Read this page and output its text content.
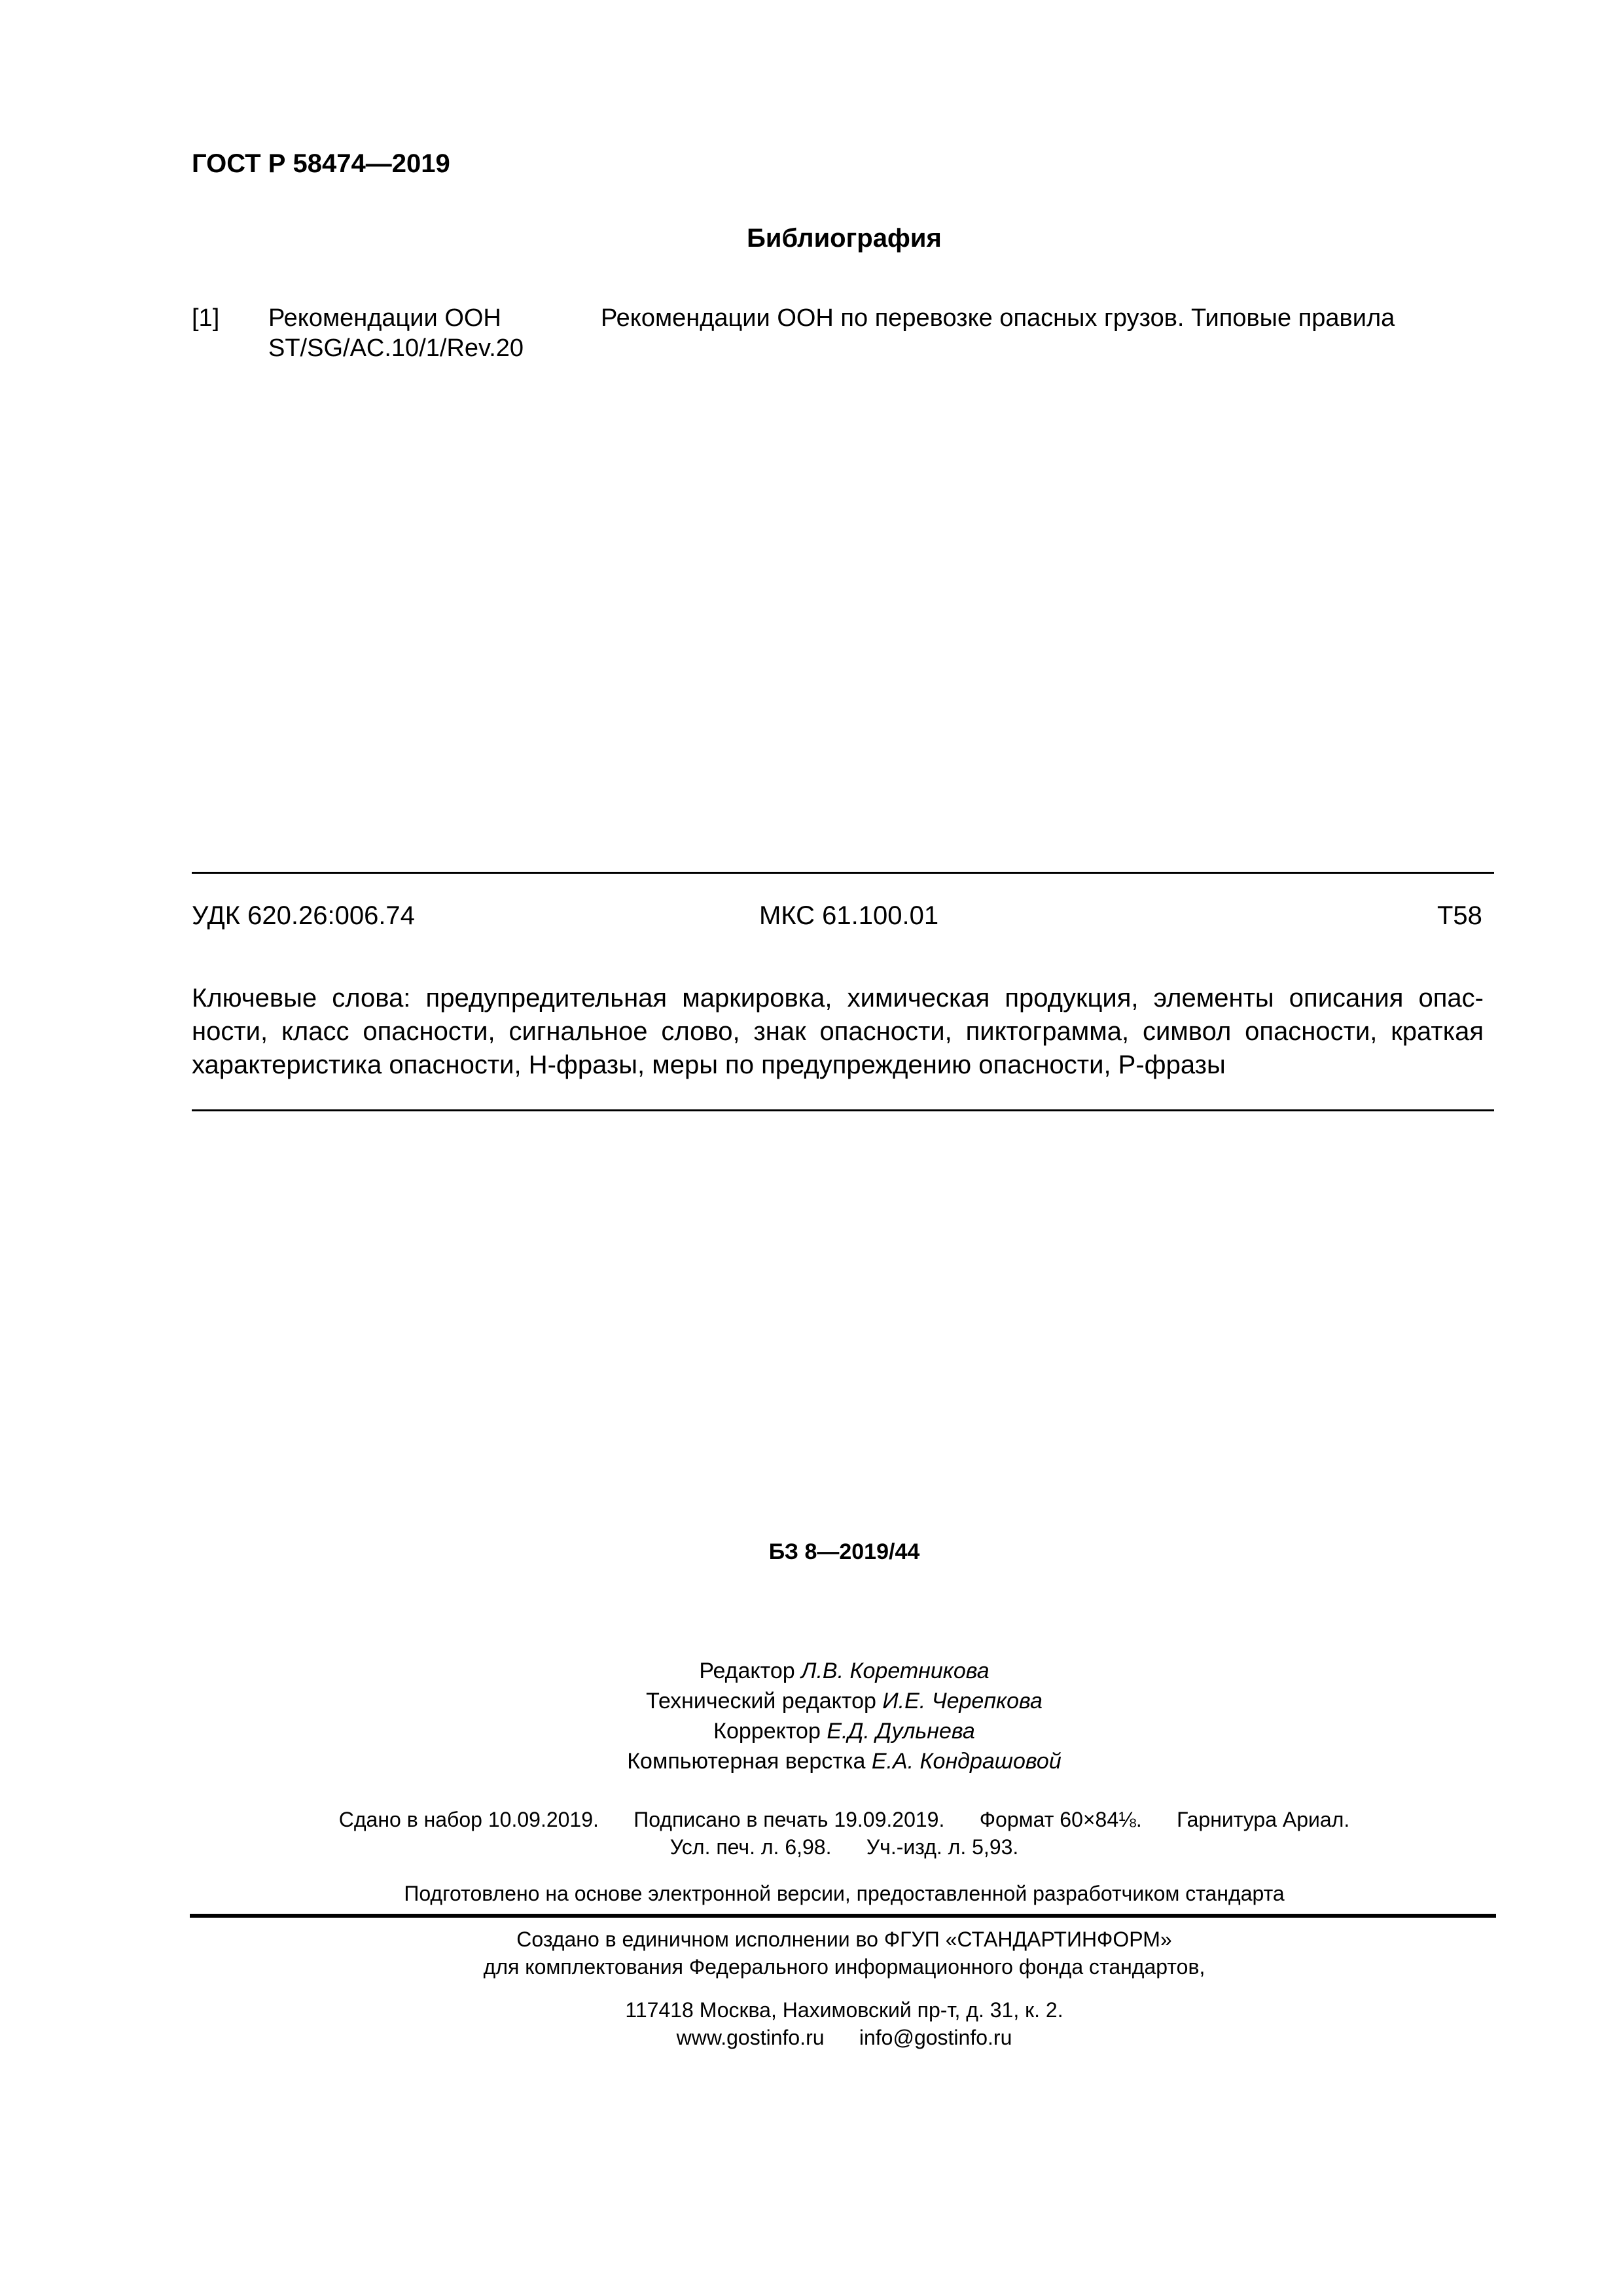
ГОСТ Р 58474—2019
Библиография
[1] Рекомендации ООН
ST/SG/AC.10/1/Rev.20
Рекомендации ООН по перевозке опасных грузов. Типовые правила
УДК 620.26:006.74	МКС 61.100.01	Т58
Ключевые слова: предупредительная маркировка, химическая продукция, элементы описания опас-
ности, класс опасности, сигнальное слово, знак опасности, пиктограмма, символ опасности, краткая
характеристика опасности, Н-фразы, меры по предупреждению опасности, Р-фразы
БЗ 8—2019/44
Редактор Л.В. Коретникова
Технический редактор И.Е. Черепкова
Корректор Е.Д. Дульнева
Компьютерная верстка Е.А. Кондрашовой
Сдано в набор 10.09.2019.      Подписано в печать 19.09.2019.      Формат 60×84⅛.      Гарнитура Ариал.
Усл. печ. л. 6,98.      Уч.-изд. л. 5,93.
Подготовлено на основе электронной версии, предоставленной разработчиком стандарта
Создано в единичном исполнении во ФГУП «СТАНДАРТИНФОРМ»
для комплектования Федерального информационного фонда стандартов,
117418 Москва, Нахимовский пр-т, д. 31, к. 2.
www.gostinfo.ru info@gostinfo.ru
